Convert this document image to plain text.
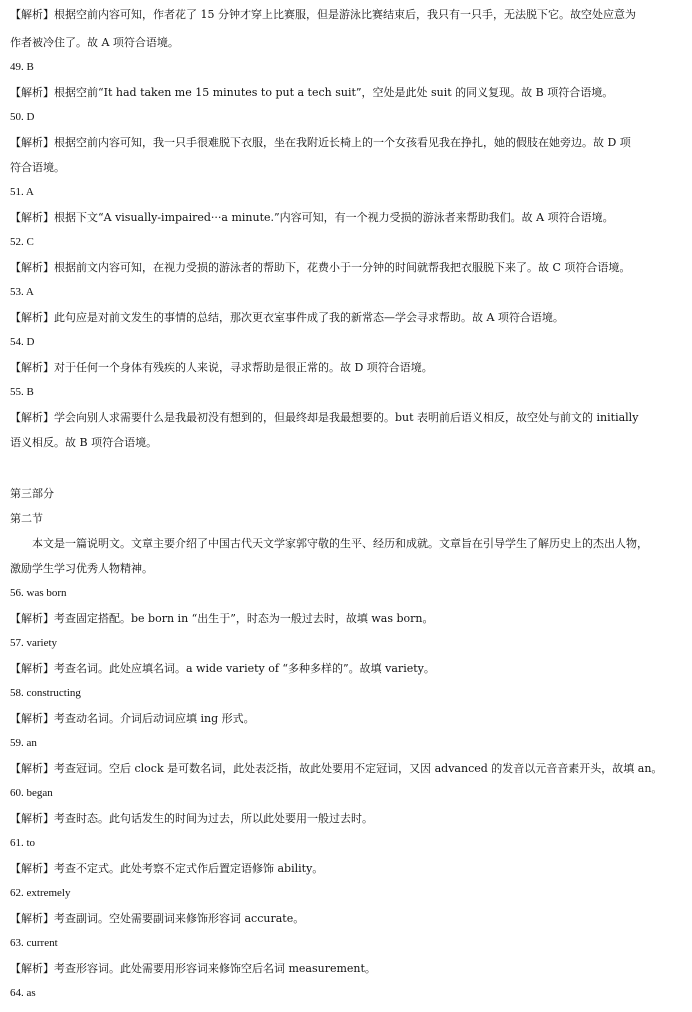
【解析】根据空前内容可知，作者花了 15 分钟才穿上比赛服，但是游泳比赛结束后，我只有一只手，无法脱下它。故空处应意为
作者被冷住了。故 A 项符合语境。
49. B
【解析】根据空前“It had taken me 15 minutes to put a tech suit”，空处是此处 suit 的同义复现。故 B 项符合语境。
50. D
【解析】根据空前内容可知，我一只手很难脱下衣服，坐在我附近长椅上的一个女孩看见我在挣扎，她的假肢在她旁边。故 D 项
符合语境。
51. A
【解析】根据下文“A visually-impaired···a minute.”内容可知，有一个视力受损的游泳者来帮助我们。故 A 项符合语境。
52. C
【解析】根据前文内容可知，在视力受损的游泳者的帮助下，花费小于一分钟的时间就帮我把衣服脱下来了。故 C 项符合语境。
53. A
【解析】此句应是对前文发生的事情的总结，那次更衣室事件成了我的新常态—学会寻求帮助。故 A 项符合语境。
54. D
【解析】对于任何一个身体有残疾的人来说，寻求帮助是很正常的。故 D 项符合语境。
55. B
【解析】学会向别人求需要什么是我最初没有想到的，但最终却是我最想要的。but 表明前后语义相反，故空处与前文的 initially
语义相反。故 B 项符合语境。
第三部分
第二节
本文是一篇说明文。文章主要介绍了中国古代天文学家郭守敬的生平、经历和成就。文章旨在引导学生了解历史上的杰出人物，
激励学生学习优秀人物精神。
56. was born
【解析】考查固定搭配。be born in “出生于”，时态为一般过去时，故填 was born。
57. variety
【解析】考查名词。此处应填名词。a wide variety of “多种多样的”。故填 variety。
58. constructing
【解析】考查动名词。介词后动词应填 ing 形式。
59. an
【解析】考查冠词。空后 clock 是可数名词，此处表泛指，故此处要用不定冠词，又因 advanced 的发音以元音音素开头，故填 an。
60. began
【解析】考查时态。此句话发生的时间为过去，所以此处要用一般过去时。
61. to
【解析】考查不定式。此处考察不定式作后置定语修饰 ability。
62. extremely
【解析】考查副词。空处需要副词来修饰形容词 accurate。
63. current
【解析】考查形容词。此处需要用形容词来修饰空后名词 measurement。
64. as
